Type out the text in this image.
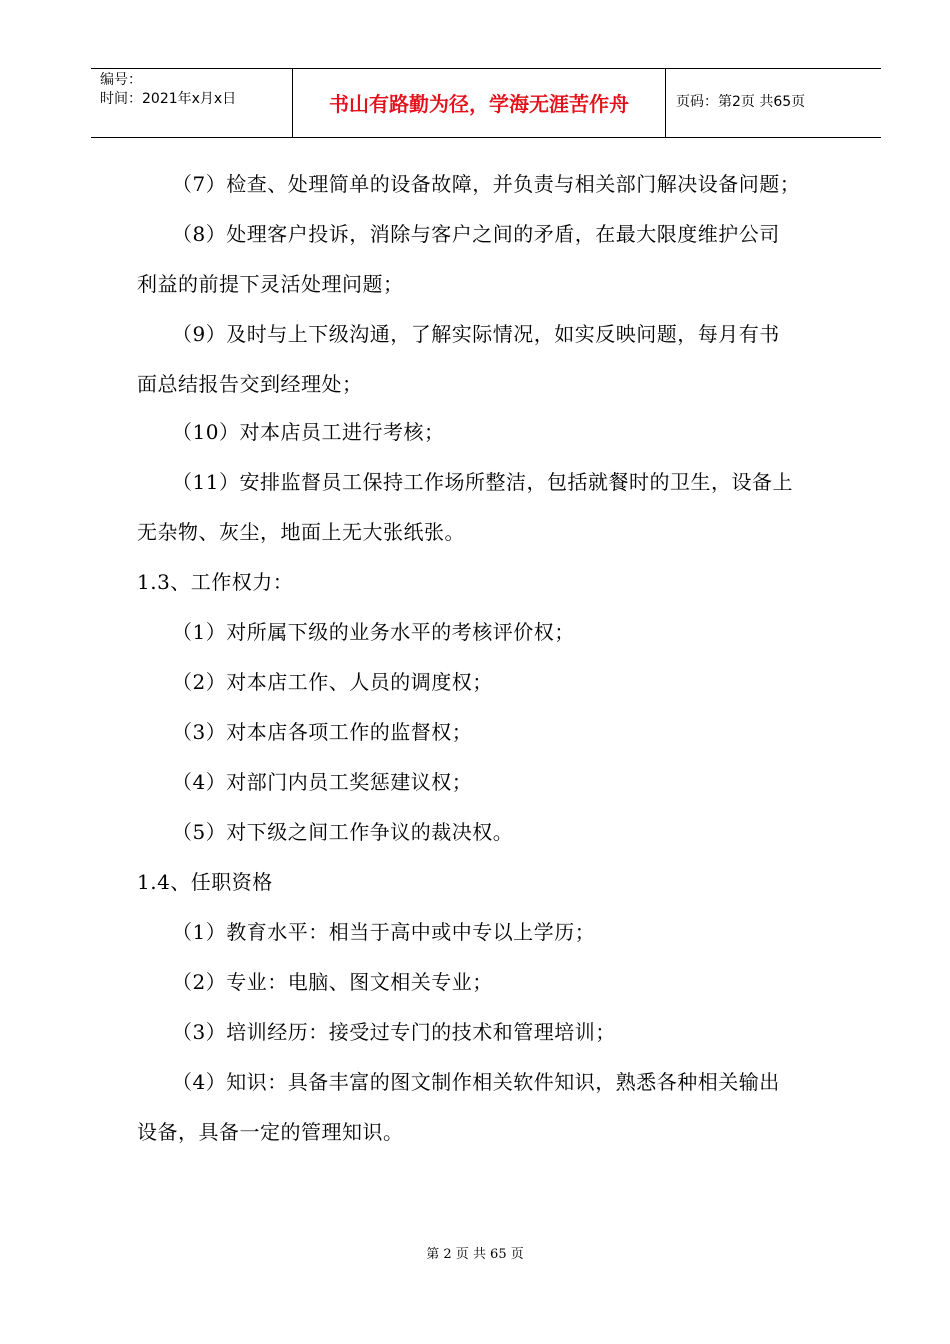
编号：
时间：2021年x月x日	书山有路勤为径，学海无涯苦作舟	页码：第2页 共65页
（7）检查、处理简单的设备故障，并负责与相关部门解决设备问题；
（8）处理客户投诉，消除与客户之间的矛盾，在最大限度维护公司
利益的前提下灵活处理问题；
（9）及时与上下级沟通，了解实际情况，如实反映问题，每月有书
面总结报告交到经理处；
（10）对本店员工进行考核；
（11）安排监督员工保持工作场所整洁，包括就餐时的卫生，设备上
无杂物、灰尘，地面上无大张纸张。
1.3、工作权力：
（1）对所属下级的业务水平的考核评价权；
（2）对本店工作、人员的调度权；
（3）对本店各项工作的监督权；
（4）对部门内员工奖惩建议权；
（5）对下级之间工作争议的裁决权。
1.4、任职资格
（1）教育水平：相当于高中或中专以上学历；
（2）专业：电脑、图文相关专业；
（3）培训经历：接受过专门的技术和管理培训；
（4）知识：具备丰富的图文制作相关软件知识，熟悉各种相关输出
设备，具备一定的管理知识。
第 2 页 共 65 页
